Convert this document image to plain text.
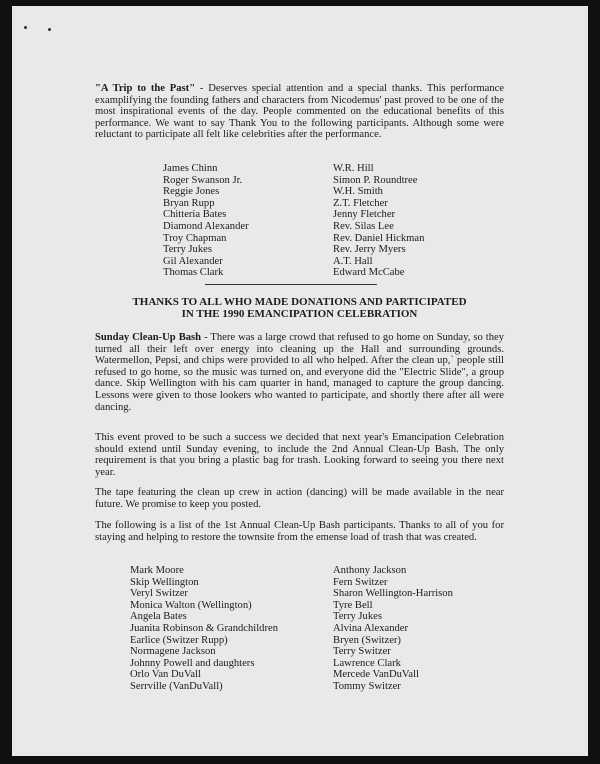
"A Trip to the Past" - Deserves special attention and a special thanks. This performance examplifying the founding fathers and characters from Nicodemus' past proved to be one of the most inspirational events of the day. People commented on the educational benefits of this performance. We want to say Thank You to the following participants. Although some were reluctant to participate all felt like celebrities after the performance.

James Chinn
Roger Swanson Jr.
Reggie Jones
Bryan Rupp
Chitteria Bates
Diamond Alexander
Troy Chapman
Terry Jukes
Gil Alexander
Thomas Clark
W.R. Hill
Simon P. Roundtree
W.H. Smith
Z.T. Fletcher
Jenny Fletcher
Rev. Silas Lee
Rev. Daniel Hickman
Rev. Jerry Myers
A.T. Hall
Edward McCabe
THANKS TO ALL WHO MADE DONATIONS AND PARTICIPATED
IN THE 1990 EMANCIPATION CELEBRATION

Sunday Clean-Up Bash - There was a large crowd that refused to go home on Sunday, so they turned all their left over energy into cleaning up the Hall and surrounding grounds. Watermellon, Pepsi, and chips were provided to all who helped. After the clean up,` people still refused to go home, so the music was turned on, and everyone did the "Electric Slide", a group dance. Skip Wellington with his cam quarter in hand, managed to capture the group dancing. Lessons were given to those lookers who wanted to participate, and shortly there after all were dancing.

This event proved to be such a success we decided that next year's Emancipation Celebration should extend until Sunday evening, to include the 2nd Annual Clean-Up Bash. The only requirement is that you bring a plastic bag for trash. Looking forward to seeing you there next year.

The tape featuring the clean up crew in action (dancing) will be made available in the near future. We promise to keep you posted.

The following is a list of the 1st Annual Clean-Up Bash participants. Thanks to all of you for staying and helping to restore the townsite from the emense load of trash that was created.

Mark Moore
Skip Wellington
Veryl Switzer
Monica Walton (Wellington)
Angela Bates
Juanita Robinson & Grandchildren
Earlice (Switzer Rupp)
Normagene Jackson
Johnny Powell and daughters
Orlo Van DuVall
Serrville (VanDuVall)
Anthony Jackson
Fern Switzer
Sharon Wellington-Harrison
Tyre Bell
Terry Jukes
Alvina Alexander
Bryen (Switzer)
Terry Switzer
Lawrence Clark
Mercede VanDuVall
Tommy Switzer
